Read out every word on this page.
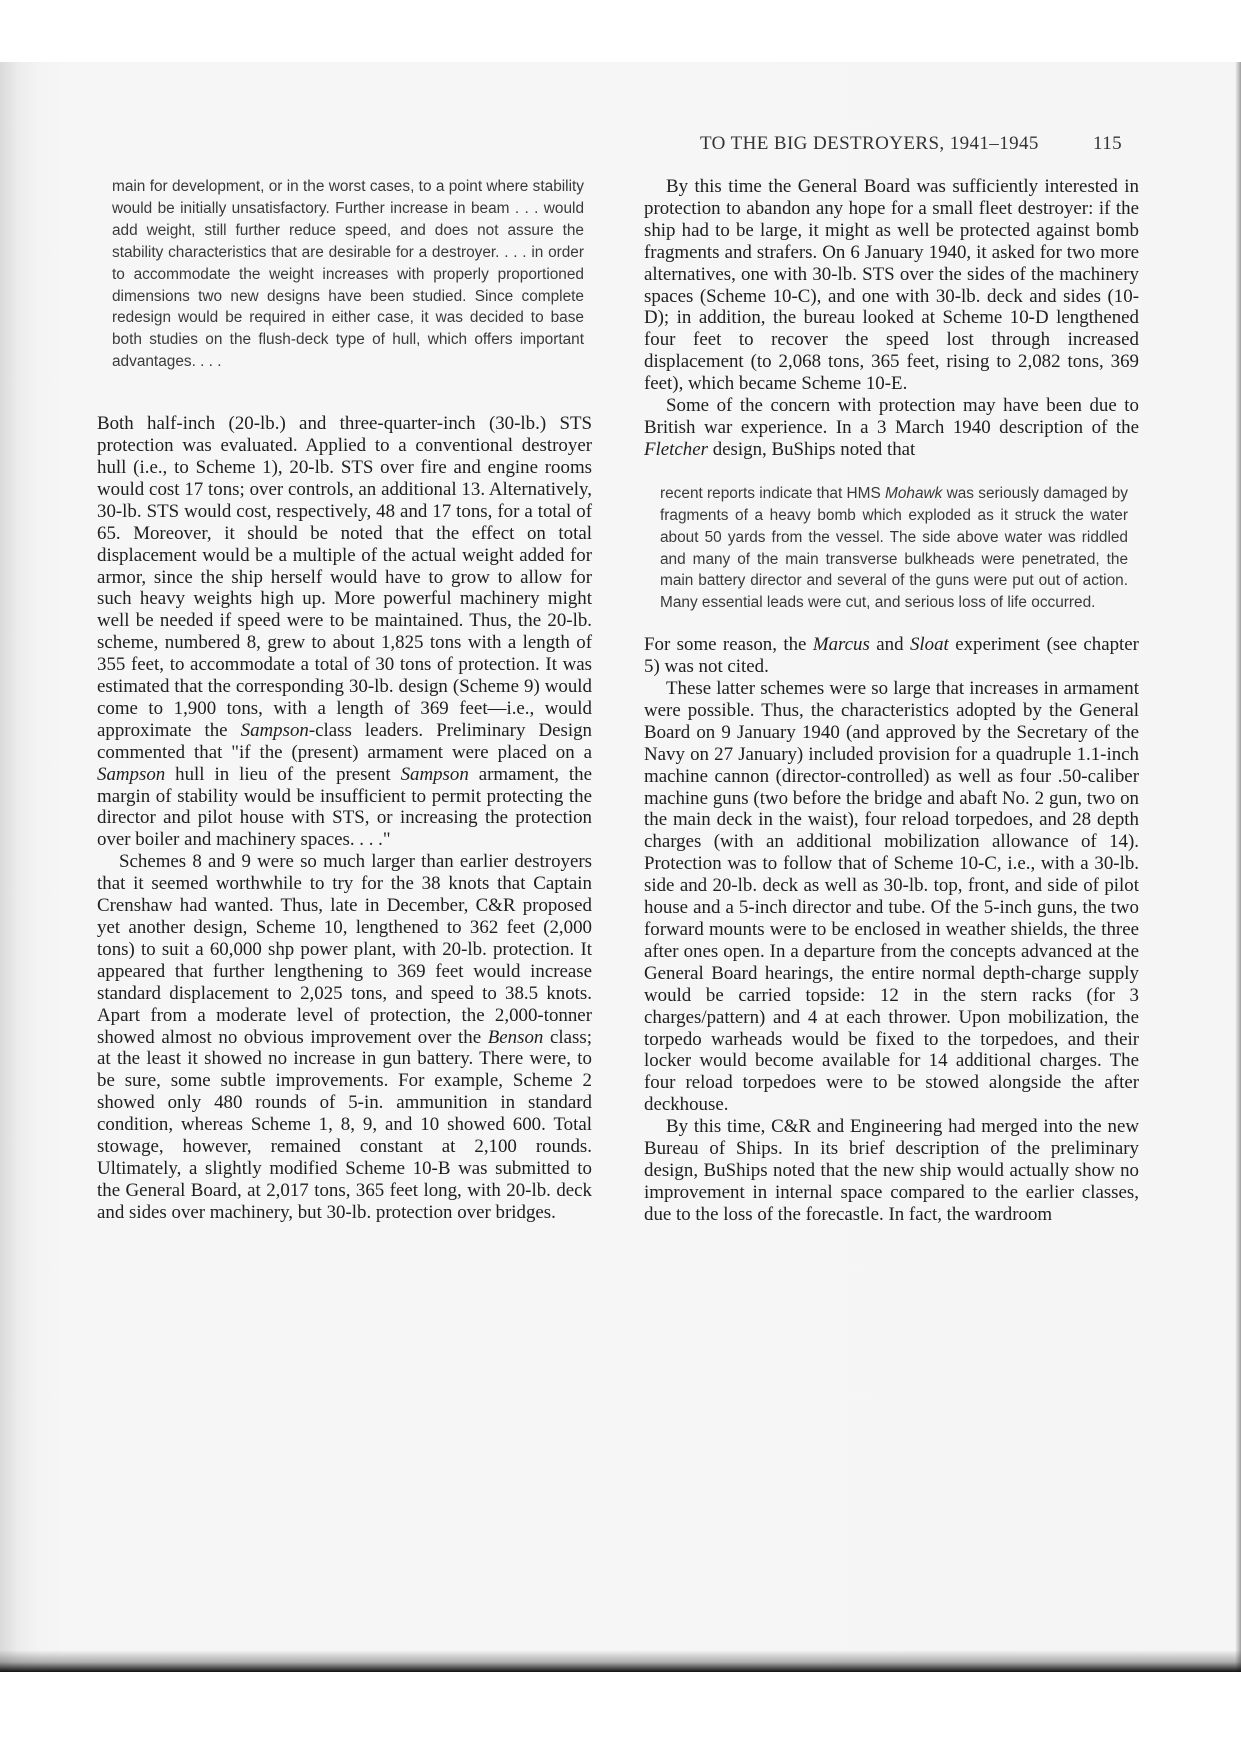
TO THE BIG DESTROYERS, 1941–1945	115
main for development, or in the worst cases, to a point where stability would be initially unsatisfactory. Further increase in beam . . . would add weight, still further reduce speed, and does not assure the stability characteristics that are desirable for a destroyer. . . . in order to accommodate the weight increases with properly proportioned dimensions two new designs have been studied. Since complete redesign would be required in either case, it was decided to base both studies on the flush-deck type of hull, which offers important advantages. . . .

Both half-inch (20-lb.) and three-quarter-inch (30-lb.) STS protection was evaluated. Applied to a conventional destroyer hull (i.e., to Scheme 1), 20-lb. STS over fire and engine rooms would cost 17 tons; over controls, an additional 13. Alternatively, 30-lb. STS would cost, respectively, 48 and 17 tons, for a total of 65. Moreover, it should be noted that the effect on total displacement would be a multiple of the actual weight added for armor, since the ship herself would have to grow to allow for such heavy weights high up. More powerful machinery might well be needed if speed were to be maintained. Thus, the 20-lb. scheme, numbered 8, grew to about 1,825 tons with a length of 355 feet, to accommodate a total of 30 tons of protection. It was estimated that the corresponding 30-lb. design (Scheme 9) would come to 1,900 tons, with a length of 369 feet—i.e., would approximate the Sampson-class leaders. Preliminary Design commented that "if the (present) armament were placed on a Sampson hull in lieu of the present Sampson armament, the margin of stability would be insufficient to permit protecting the director and pilot house with STS, or increasing the protection over boiler and machinery spaces. . . ."

Schemes 8 and 9 were so much larger than earlier destroyers that it seemed worthwhile to try for the 38 knots that Captain Crenshaw had wanted. Thus, late in December, C&R proposed yet another design, Scheme 10, lengthened to 362 feet (2,000 tons) to suit a 60,000 shp power plant, with 20-lb. protection. It appeared that further lengthening to 369 feet would increase standard displacement to 2,025 tons, and speed to 38.5 knots. Apart from a moderate level of protection, the 2,000-tonner showed almost no obvious improvement over the Benson class; at the least it showed no increase in gun battery. There were, to be sure, some subtle improvements. For example, Scheme 2 showed only 480 rounds of 5-in. ammunition in standard condition, whereas Scheme 1, 8, 9, and 10 showed 600. Total stowage, however, remained constant at 2,100 rounds. Ultimately, a slightly modified Scheme 10-B was submitted to the General Board, at 2,017 tons, 365 feet long, with 20-lb. deck and sides over machinery, but 30-lb. protection over bridges.

By this time the General Board was sufficiently interested in protection to abandon any hope for a small fleet destroyer: if the ship had to be large, it might as well be protected against bomb fragments and strafers. On 6 January 1940, it asked for two more alternatives, one with 30-lb. STS over the sides of the machinery spaces (Scheme 10-C), and one with 30-lb. deck and sides (10-D); in addition, the bureau looked at Scheme 10-D lengthened four feet to recover the speed lost through increased displacement (to 2,068 tons, 365 feet, rising to 2,082 tons, 369 feet), which became Scheme 10-E.

Some of the concern with protection may have been due to British war experience. In a 3 March 1940 description of the Fletcher design, BuShips noted that

recent reports indicate that HMS Mohawk was seriously damaged by fragments of a heavy bomb which exploded as it struck the water about 50 yards from the vessel. The side above water was riddled and many of the main transverse bulkheads were penetrated, the main battery director and several of the guns were put out of action. Many essential leads were cut, and serious loss of life occurred.

For some reason, the Marcus and Sloat experiment (see chapter 5) was not cited.

These latter schemes were so large that increases in armament were possible. Thus, the characteristics adopted by the General Board on 9 January 1940 (and approved by the Secretary of the Navy on 27 January) included provision for a quadruple 1.1-inch machine cannon (director-controlled) as well as four .50-caliber machine guns (two before the bridge and abaft No. 2 gun, two on the main deck in the waist), four reload torpedoes, and 28 depth charges (with an additional mobilization allowance of 14). Protection was to follow that of Scheme 10-C, i.e., with a 30-lb. side and 20-lb. deck as well as 30-lb. top, front, and side of pilot house and a 5-inch director and tube. Of the 5-inch guns, the two forward mounts were to be enclosed in weather shields, the three after ones open. In a departure from the concepts advanced at the General Board hearings, the entire normal depth-charge supply would be carried topside: 12 in the stern racks (for 3 charges/pattern) and 4 at each thrower. Upon mobilization, the torpedo warheads would be fixed to the torpedoes, and their locker would become available for 14 additional charges. The four reload torpedoes were to be stowed alongside the after deckhouse.

By this time, C&R and Engineering had merged into the new Bureau of Ships. In its brief description of the preliminary design, BuShips noted that the new ship would actually show no improvement in internal space compared to the earlier classes, due to the loss of the forecastle. In fact, the wardroom
